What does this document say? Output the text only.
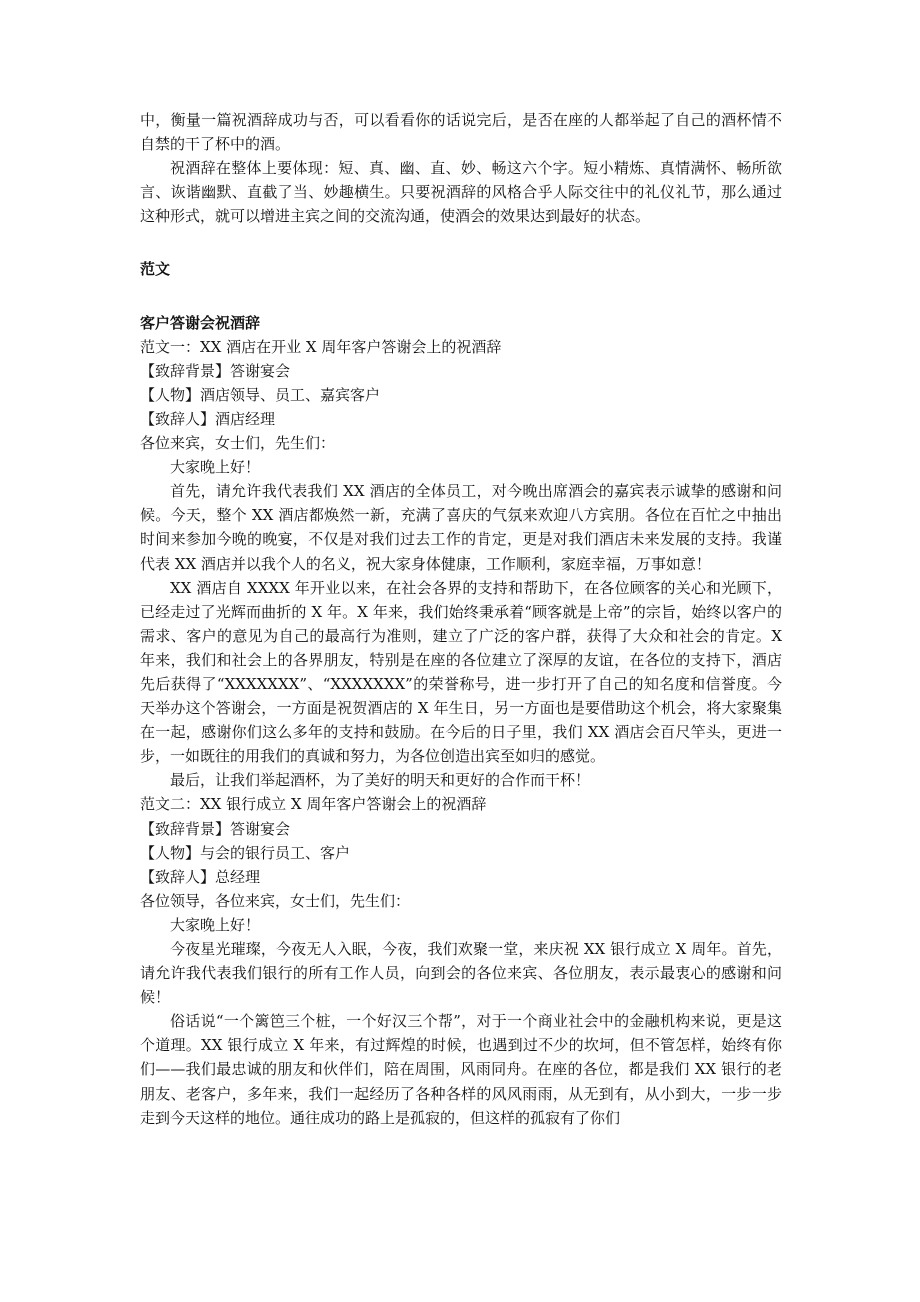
中，衡量一篇祝酒辞成功与否，可以看看你的话说完后，是否在座的人都举起了自己的酒杯情不自禁的干了杯中的酒。

祝酒辞在整体上要体现：短、真、幽、直、妙、畅这六个字。短小精炼、真情满怀、畅所欲言、诙谐幽默、直截了当、妙趣横生。只要祝酒辞的风格合乎人际交往中的礼仪礼节，那么通过这种形式，就可以增进主宾之间的交流沟通，使酒会的效果达到最好的状态。

范文

客户答谢会祝酒辞

范文一：XX 酒店在开业 X 周年客户答谢会上的祝酒辞

【致辞背景】答谢宴会

【人物】酒店领导、员工、嘉宾客户

【致辞人】酒店经理

各位来宾，女士们，先生们：

大家晚上好！

首先，请允许我代表我们 XX 酒店的全体员工，对今晚出席酒会的嘉宾表示诚挚的感谢和问候。今天，整个 XX 酒店都焕然一新，充满了喜庆的气氛来欢迎八方宾朋。各位在百忙之中抽出时间来参加今晚的晚宴，不仅是对我们过去工作的肯定，更是对我们酒店未来发展的支持。我谨代表 XX 酒店并以我个人的名义，祝大家身体健康，工作顺利，家庭幸福，万事如意！

XX 酒店自 XXXX 年开业以来，在社会各界的支持和帮助下，在各位顾客的关心和光顾下，已经走过了光辉而曲折的 X 年。X 年来，我们始终秉承着“顾客就是上帝”的宗旨，始终以客户的需求、客户的意见为自己的最高行为准则，建立了广泛的客户群，获得了大众和社会的肯定。X 年来，我们和社会上的各界朋友，特别是在座的各位建立了深厚的友谊，在各位的支持下，酒店先后获得了“XXXXXXX”、“XXXXXXX”的荣誉称号，进一步打开了自己的知名度和信誉度。今天举办这个答谢会，一方面是祝贺酒店的 X 年生日，另一方面也是要借助这个机会，将大家聚集在一起，感谢你们这么多年的支持和鼓励。在今后的日子里，我们 XX 酒店会百尺竿头，更进一步，一如既往的用我们的真诚和努力，为各位创造出宾至如归的感觉。

最后，让我们举起酒杯，为了美好的明天和更好的合作而干杯！

范文二：XX 银行成立 X 周年客户答谢会上的祝酒辞

【致辞背景】答谢宴会

【人物】与会的银行员工、客户

【致辞人】总经理

各位领导，各位来宾，女士们，先生们：

大家晚上好！

今夜星光璀璨，今夜无人入眠，今夜，我们欢聚一堂，来庆祝 XX 银行成立 X 周年。首先，请允许我代表我们银行的所有工作人员，向到会的各位来宾、各位朋友，表示最衷心的感谢和问候！

俗话说“一个篱笆三个桩，一个好汉三个帮”，对于一个商业社会中的金融机构来说，更是这个道理。XX 银行成立 X 年来，有过辉煌的时候，也遇到过不少的坎坷，但不管怎样，始终有你们——我们最忠诚的朋友和伙伴们，陪在周围，风雨同舟。在座的各位，都是我们 XX 银行的老朋友、老客户，多年来，我们一起经历了各种各样的风风雨雨，从无到有，从小到大，一步一步走到今天这样的地位。通往成功的路上是孤寂的，但这样的孤寂有了你们
